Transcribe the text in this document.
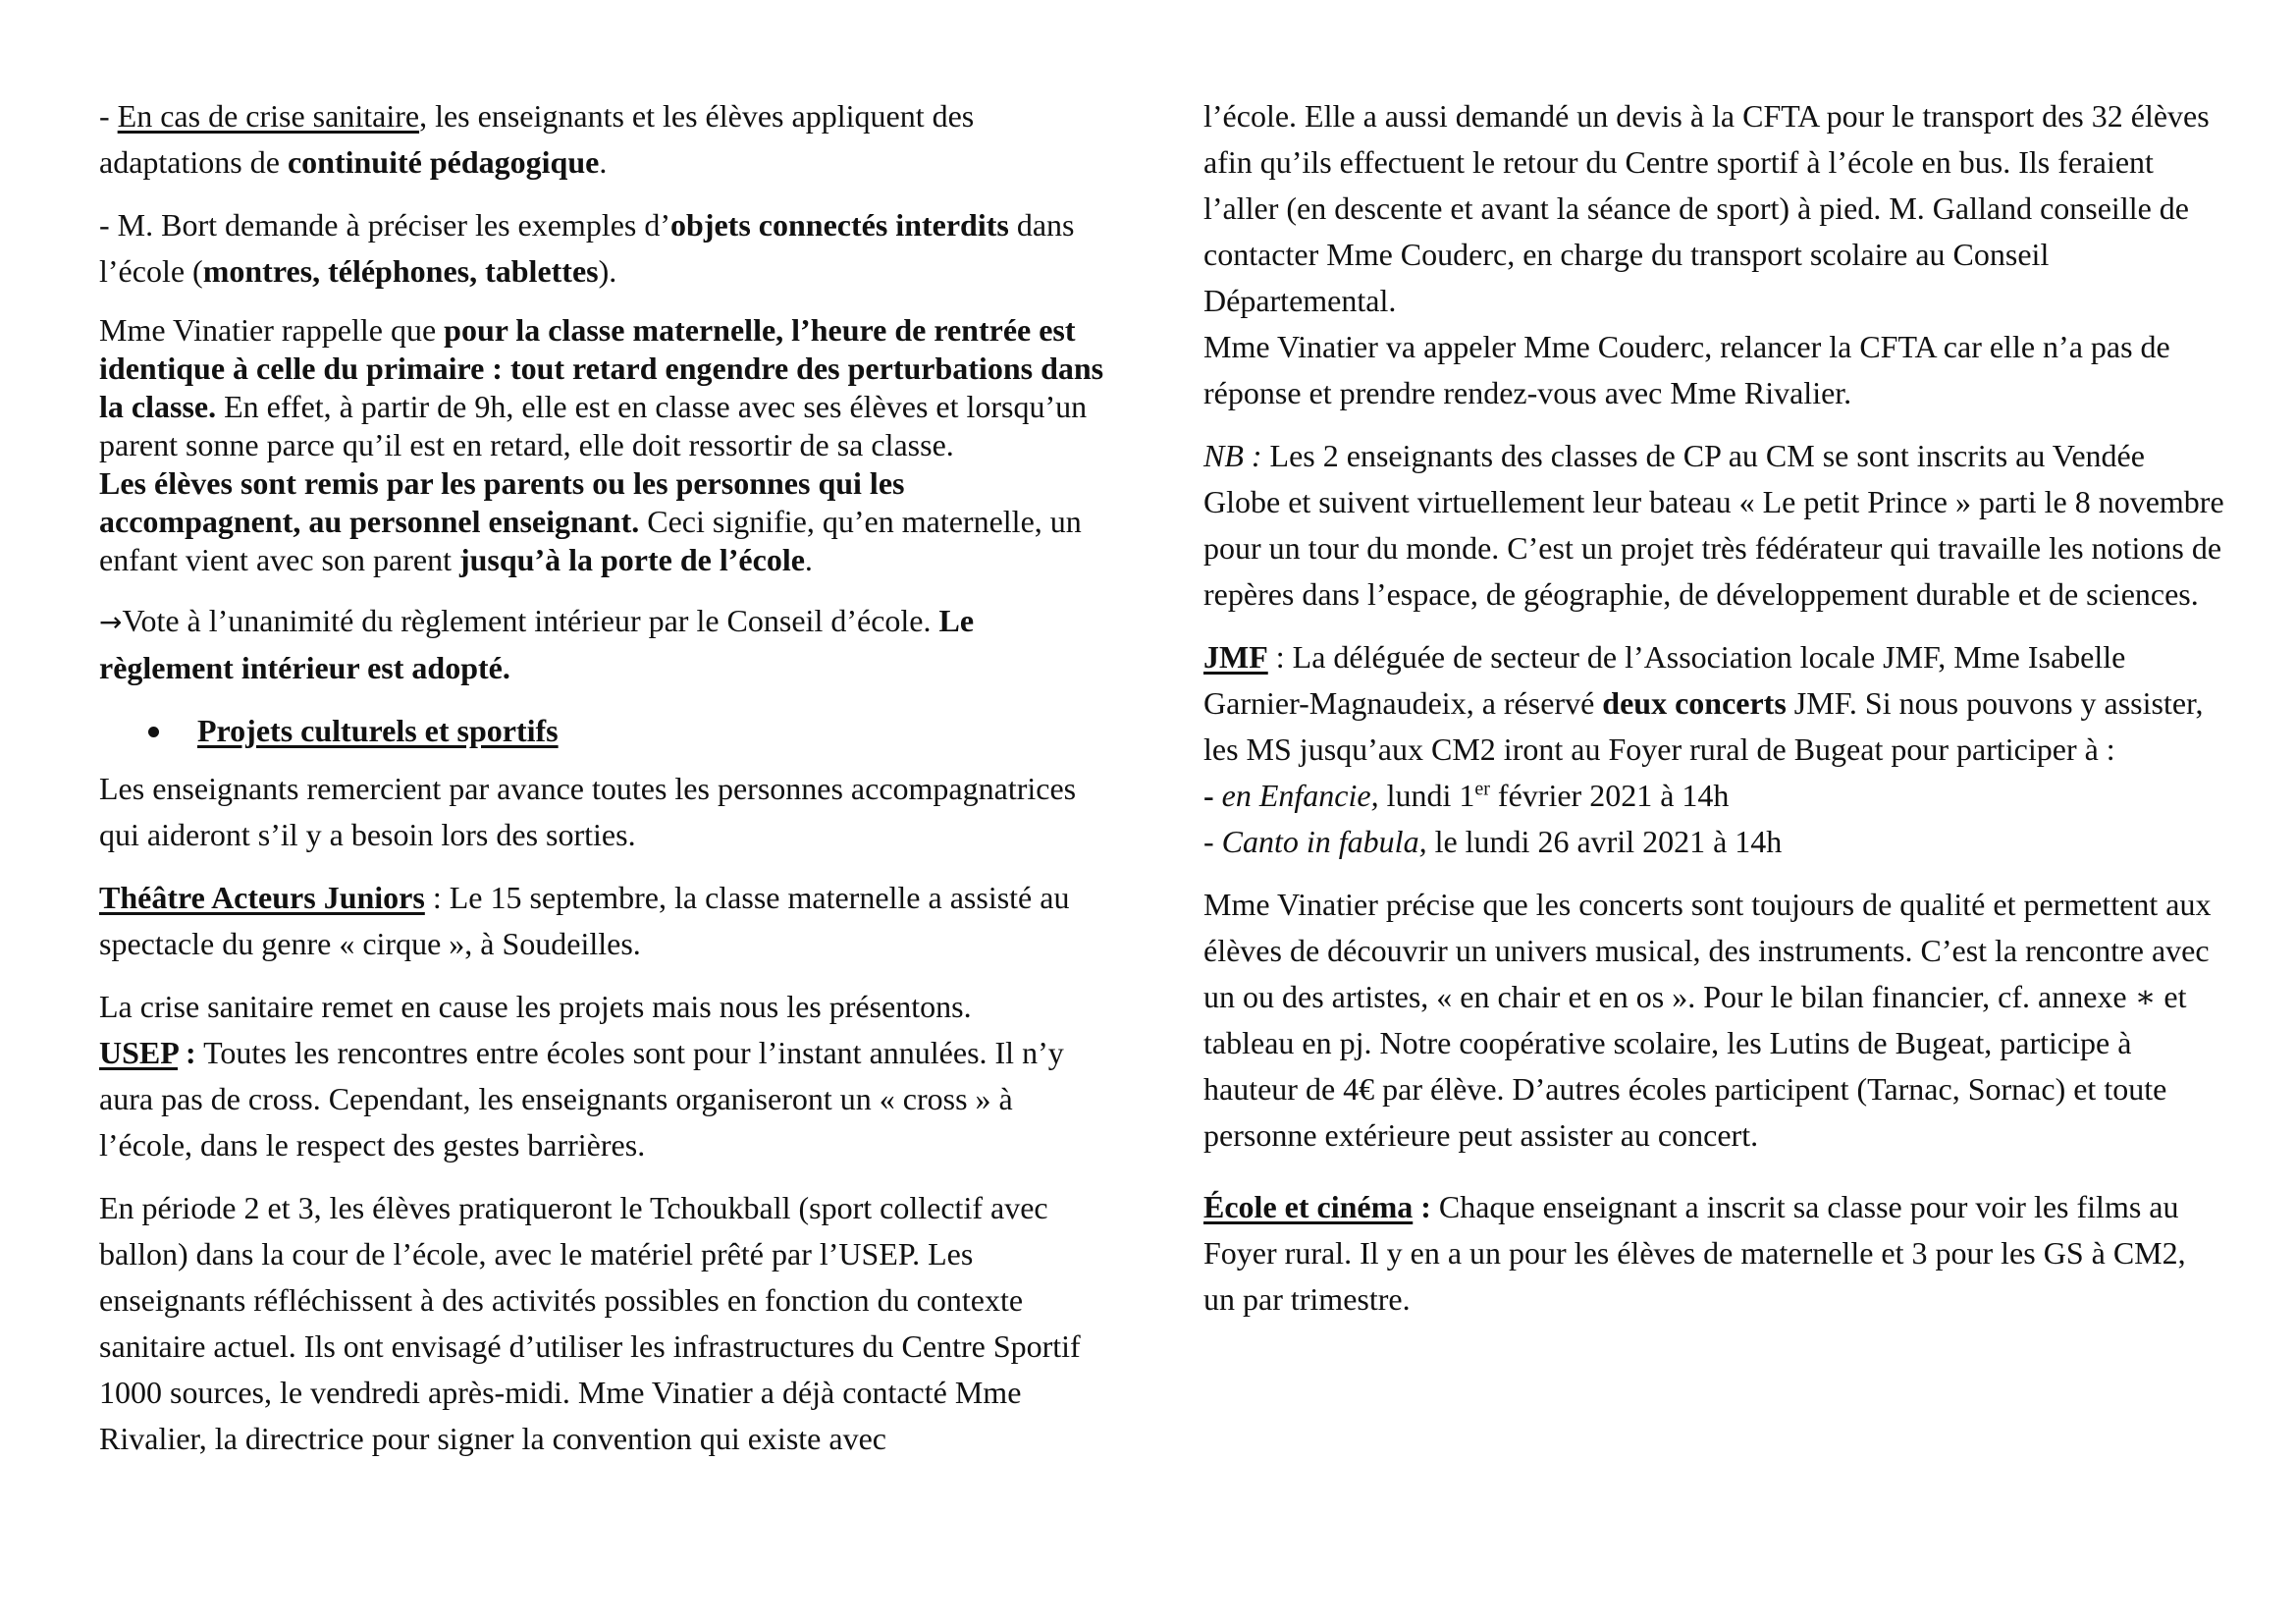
- En cas de crise sanitaire, les enseignants et les élèves appliquent des adaptations de continuité pédagogique.

- M. Bort demande à préciser les exemples d’objets connectés interdits dans l’école (montres, téléphones, tablettes).

Mme Vinatier rappelle que pour la classe maternelle, l’heure de rentrée est identique à celle du primaire : tout retard engendre des perturbations dans la classe. En effet, à partir de 9h, elle est en classe avec ses élèves et lorsqu’un parent sonne parce qu’il est en retard, elle doit ressortir de sa classe.
Les élèves sont remis par les parents ou les personnes qui les accompagnent, au personnel enseignant. Ceci signifie, qu’en maternelle, un enfant vient avec son parent jusqu’à la porte de l’école.

→Vote à l’unanimité du règlement intérieur par le Conseil d’école. Le règlement intérieur est adopté.

Projets culturels et sportifs

Les enseignants remercient par avance toutes les personnes accompagnatrices qui aideront s’il y a besoin lors des sorties.

Théâtre Acteurs Juniors : Le 15 septembre, la classe maternelle a assisté au spectacle du genre « cirque », à Soudeilles.

La crise sanitaire remet en cause les projets mais nous les présentons.
USEP : Toutes les rencontres entre écoles sont pour l’instant annulées. Il n’y aura pas de cross. Cependant, les enseignants organiseront un « cross » à l’école, dans le respect des gestes barrières.

En période 2 et 3, les élèves pratiqueront le Tchoukball (sport collectif avec ballon) dans la cour de l’école, avec le matériel prêté par l’USEP. Les enseignants réfléchissent à des activités possibles en fonction du contexte sanitaire actuel. Ils ont envisagé d’utiliser les infrastructures du Centre Sportif 1000 sources, le vendredi après-midi. Mme Vinatier a déjà contacté Mme Rivalier, la directrice pour signer la convention qui existe avec

l’école. Elle a aussi demandé un devis à la CFTA pour le transport des 32 élèves afin qu’ils effectuent le retour du Centre sportif à l’école en bus. Ils feraient l’aller (en descente et avant la séance de sport) à pied. M. Galland conseille de contacter Mme Couderc, en charge du transport scolaire au Conseil Départemental.
Mme Vinatier va appeler Mme Couderc, relancer la CFTA car elle n’a pas de réponse et prendre rendez-vous avec Mme Rivalier.

NB : Les 2 enseignants des classes de CP au CM se sont inscrits au Vendée Globe et suivent virtuellement leur bateau « Le petit Prince » parti le 8 novembre pour un tour du monde. C’est un projet très fédérateur qui travaille les notions de repères dans l’espace, de géographie, de développement durable et de sciences.

JMF : La déléguée de secteur de l’Association locale JMF, Mme Isabelle Garnier-Magnaudeix, a réservé deux concerts JMF. Si nous pouvons y assister, les MS jusqu’aux CM2 iront au Foyer rural de Bugeat pour participer à :
- en Enfancie, lundi 1er février 2021 à 14h
- Canto in fabula, le lundi 26 avril 2021 à 14h

Mme Vinatier précise que les concerts sont toujours de qualité et permettent aux élèves de découvrir un univers musical, des instruments. C’est la rencontre avec un ou des artistes, « en chair et en os ». Pour le bilan financier, cf. annexe ∗ et tableau en pj. Notre coopérative scolaire, les Lutins de Bugeat, participe à hauteur de 4€ par élève. D’autres écoles participent (Tarnac, Sornac) et toute personne extérieure peut assister au concert.

École et cinéma : Chaque enseignant a inscrit sa classe pour voir les films au Foyer rural. Il y en a un pour les élèves de maternelle et 3 pour les GS à CM2, un par trimestre.
